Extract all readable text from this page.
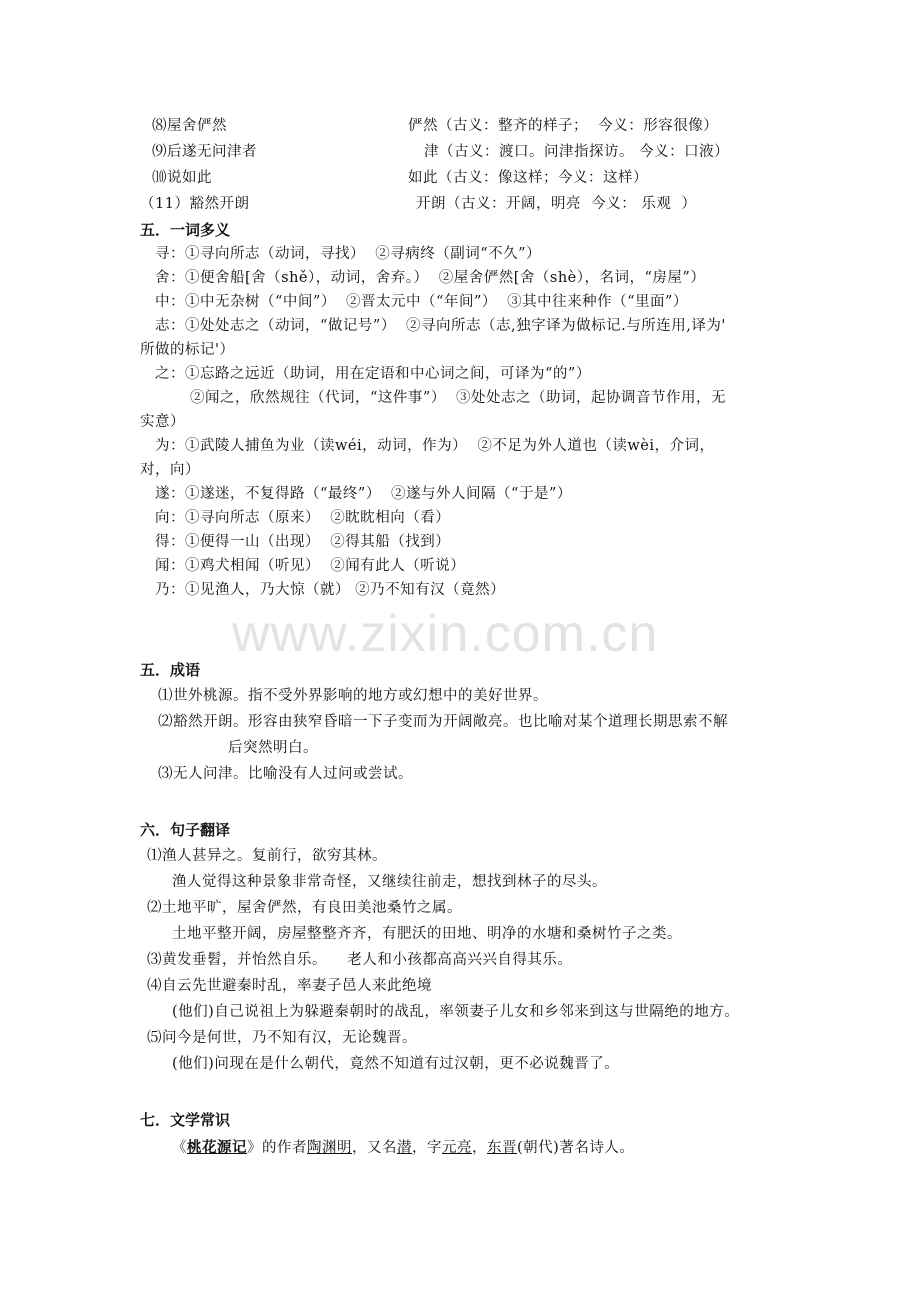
⑻屋舍俨然	俨然（古义：整齐的样子；  今义：形容很像）
⑼后遂无问津者	津（古义：渡口。问津指探访。 今义：口液）
⑽说如此	如此（古义：像这样；今义：这样）
（11）豁然开朗	开朗（古义：开阔，明亮  今义： 乐观  ）
五．一词多义
寻：①寻向所志（动词，寻找）  ②寻病终（副词“不久”）
舍：①便舍船[舍（shě），动词，舍弃。）  ②屋舍俨然[舍（shè），名词，“房屋”）
中：①中无杂树（“中间”）  ②晋太元中（“年间”）  ③其中往来种作（“里面”）
志：①处处志之（动词，“做记号”）  ②寻向所志（志,独字译为做标记.与所连用,译为'
所做的标记'）
之：①忘路之远近（助词，用在定语和中心词之间，可译为“的”）
②闻之，欣然规往（代词，“这件事”）  ③处处志之（助词，起协调音节作用，无
实意）
为：①武陵人捕鱼为业（读wéi，动词，作为）  ②不足为外人道也（读wèi，介词，
对，向）
遂：①遂迷，不复得路（“最终”）  ②遂与外人间隔（“于是”）
向：①寻向所志（原来）  ②眈眈相向（看）
得：①便得一山（出现）  ②得其船（找到）
闻：①鸡犬相闻（听见）  ②闻有此人（听说）
乃：①见渔人，乃大惊（就） ②乃不知有汉（竟然）
www.zixin.com.cn
五．成语
⑴世外桃源。指不受外界影响的地方或幻想中的美好世界。
⑵豁然开朗。形容由狭窄昏暗一下子变而为开阔敞亮。也比喻对某个道理长期思索不解
后突然明白。
⑶无人问津。比喻没有人过问或尝试。
六．句子翻译
⑴渔人甚异之。复前行，欲穷其林。
渔人觉得这种景象非常奇怪，又继续往前走，想找到林子的尽头。
⑵土地平旷，屋舍俨然，有良田美池桑竹之属。
土地平整开阔，房屋整整齐齐，有肥沃的田地、明净的水塘和桑树竹子之类。
⑶黄发垂髫，并怡然自乐。    老人和小孩都高高兴兴自得其乐。
⑷自云先世避秦时乱，率妻子邑人来此绝境
(他们)自己说祖上为躲避秦朝时的战乱，率领妻子儿女和乡邻来到这与世隔绝的地方。
⑸问今是何世，乃不知有汉，无论魏晋。
(他们)问现在是什么朝代，竟然不知道有过汉朝，更不必说魏晋了。
七．文学常识
《桃花源记》的作者陶渊明，又名潜，字元亮，东晋(朝代)著名诗人。
